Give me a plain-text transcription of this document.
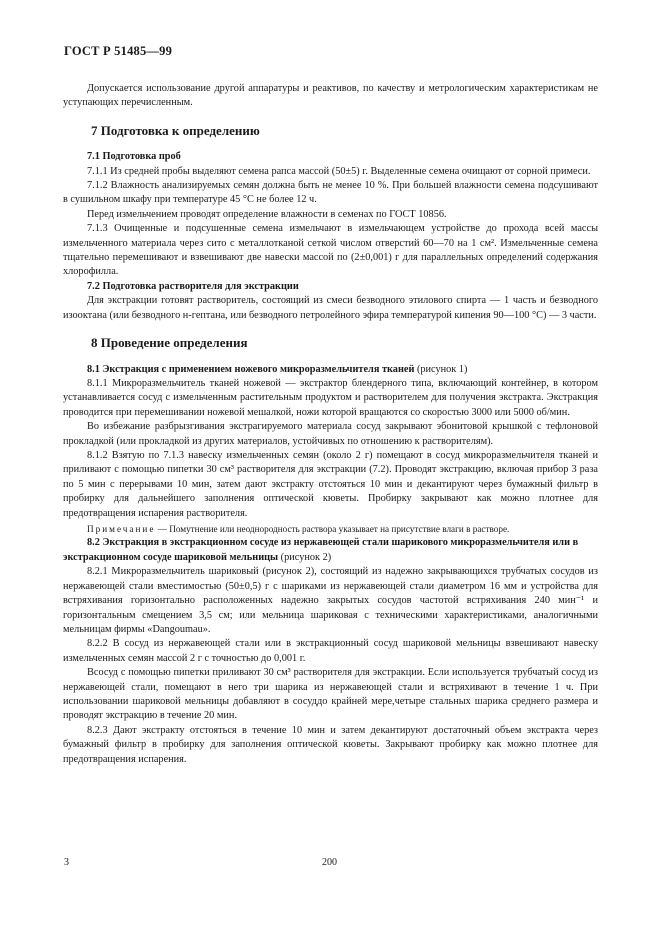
ГОСТ Р 51485—99

Допускается использование другой аппаратуры и реактивов, по качеству и метрологическим характеристикам не уступающих перечисленным.

7 Подготовка к определению

7.1 Подготовка проб

7.1.1 Из средней пробы выделяют семена рапса массой (50±5) г. Выделенные семена очищают от сорной примеси.

7.1.2 Влажность анализируемых семян должна быть не менее 10 %. При большей влажности семена подсушивают в сушильном шкафу при температуре 45 °С не более 12 ч.

Перед измельчением проводят определение влажности в семенах по ГОСТ 10856.

7.1.3 Очищенные и подсушенные семена измельчают в измельчающем устройстве до прохода всей массы измельченного материала через сито с металлотканой сеткой числом отверстий 60—70 на 1 см². Измельченные семена тщательно перемешивают и взвешивают две навески массой по (2±0,001) г для параллельных определений содержания хлорофилла.

7.2 Подготовка растворителя для экстракции

Для экстракции готовят растворитель, состоящий из смеси безводного этилового спирта — 1 часть и безводного изооктана (или безводного н-гептана, или безводного петролейного эфира температурой кипения 90—100 °С) — 3 части.

8 Проведение определения

8.1 Экстракция с применением ножевого микроразмельчителя тканей (рисунок 1)

8.1.1 Микроразмельчитель тканей ножевой — экстрактор блендерного типа, включающий контейнер, в котором устанавливается сосуд с измельченным растительным продуктом и растворителем для получения экстракта. Экстракция проводится при перемешивании ножевой мешалкой, ножи которой вращаются со скоростью 3000 или 5000 об/мин.

Во избежание разбрызгивания экстрагируемого материала сосуд закрывают эбонитовой крышкой с тефлоновой прокладкой (или прокладкой из других материалов, устойчивых по отношению к растворителям).

8.1.2 Взятую по 7.1.3 навеску измельченных семян (около 2 г) помещают в сосуд микроразмельчителя тканей и приливают с помощью пипетки 30 см³ растворителя для экстракции (7.2). Проводят экстракцию, включая прибор 3 раза по 5 мин с перерывами 10 мин, затем дают экстракту отстояться 10 мин и декантируют через бумажный фильтр в пробирку для дальнейшего заполнения оптической кюветы. Пробирку закрывают как можно плотнее для предотвращения испарения растворителя.

Примечание — Помутнение или неоднородность раствора указывает на присутствие влаги в растворе.

8.2 Экстракция в экстракционном сосуде из нержавеющей стали шарикового микроразмельчителя или в экстракционном сосуде шариковой мельницы (рисунок 2)

8.2.1 Микроразмельчитель шариковый (рисунок 2), состоящий из надежно закрывающихся трубчатых сосудов из нержавеющей стали вместимостью (50±0,5) г с шариками из нержавеющей стали диаметром 16 мм и устройства для встряхивания горизонтально расположенных надежно закрытых сосудов частотой встряхивания 240 мин⁻¹ и горизонтальным смещением 3,5 см; или мельница шариковая с техническими характеристиками, аналогичными мельницам фирмы «Dangoumau».

8.2.2 В сосуд из нержавеющей стали или в экстракционный сосуд шариковой мельницы взвешивают навеску измельченных семян массой 2 г с точностью до 0,001 г.

Всосуд с помощью пипетки приливают 30 см³ растворителя для экстракции. Если используется трубчатый сосуд из нержавеющей стали, помещают в него три шарика из нержавеющей стали и встряхивают в течение 1 ч. При использовании шариковой мельницы добавляют в сосуддо крайней мере,четыре стальных шарика среднего размера и проводят экстракцию в течение 20 мин.

8.2.3 Дают экстракту отстояться в течение 10 мин и затем декантируют достаточный объем экстракта через бумажный фильтр в пробирку для заполнения оптической кюветы. Закрывают пробирку как можно плотнее для предотвращения испарения.

3	200
